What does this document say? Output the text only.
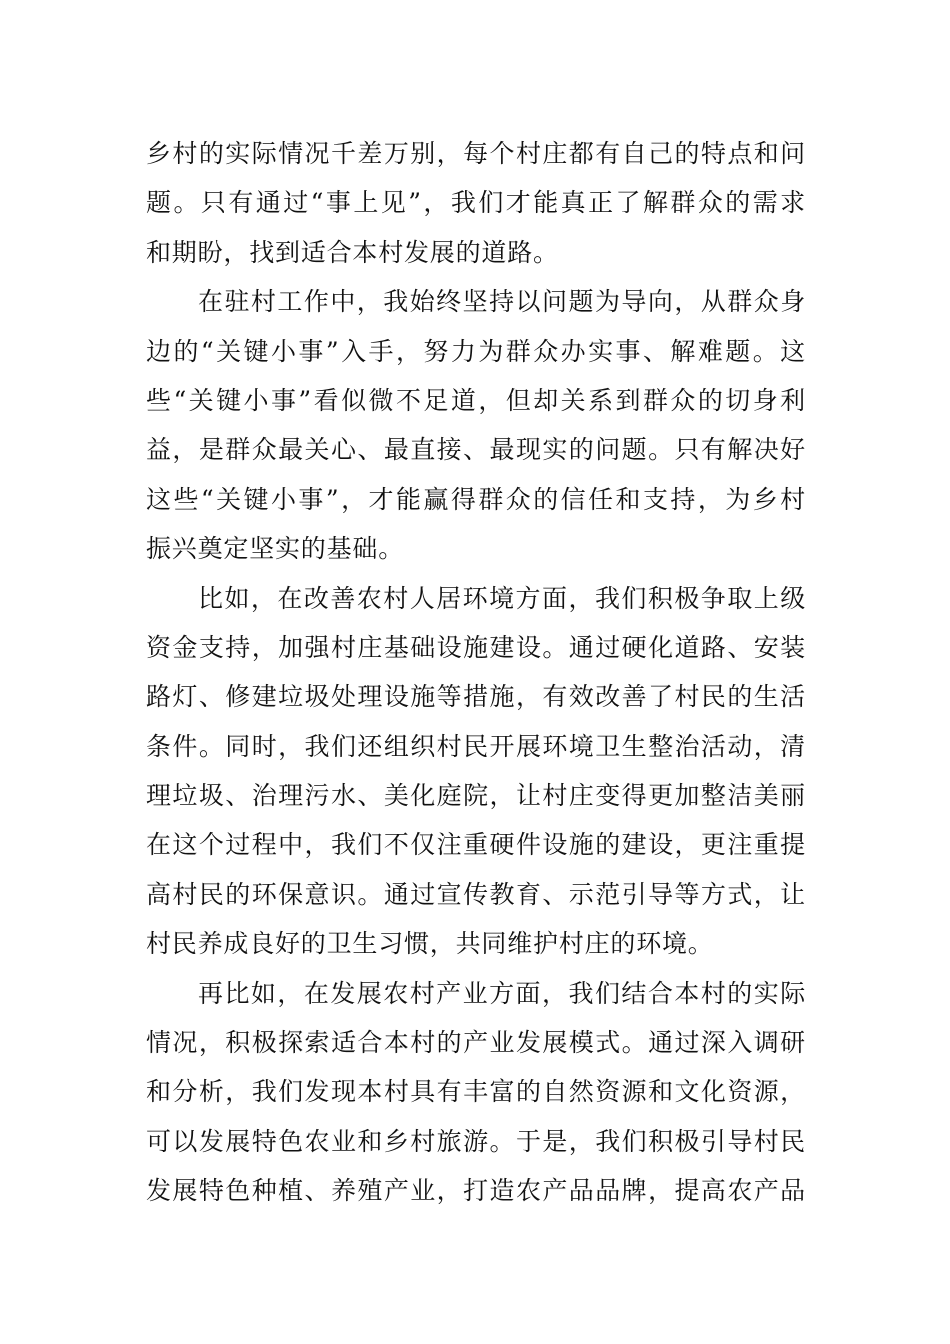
乡村的实际情况千差万别，每个村庄都有自己的特点和问
题。只有通过“事上见”，我们才能真正了解群众的需求
和期盼，找到适合本村发展的道路。
在驻村工作中，我始终坚持以问题为导向，从群众身
边的“关键小事”入手，努力为群众办实事、解难题。这
些“关键小事”看似微不足道，但却关系到群众的切身利
益，是群众最关心、最直接、最现实的问题。只有解决好
这些“关键小事”，才能赢得群众的信任和支持，为乡村
振兴奠定坚实的基础。
比如，在改善农村人居环境方面，我们积极争取上级
资金支持，加强村庄基础设施建设。通过硬化道路、安装
路灯、修建垃圾处理设施等措施，有效改善了村民的生活
条件。同时，我们还组织村民开展环境卫生整治活动，清
理垃圾、治理污水、美化庭院，让村庄变得更加整洁美丽
在这个过程中，我们不仅注重硬件设施的建设，更注重提
高村民的环保意识。通过宣传教育、示范引导等方式，让
村民养成良好的卫生习惯，共同维护村庄的环境。
再比如，在发展农村产业方面，我们结合本村的实际
情况，积极探索适合本村的产业发展模式。通过深入调研
和分析，我们发现本村具有丰富的自然资源和文化资源，
可以发展特色农业和乡村旅游。于是，我们积极引导村民
发展特色种植、养殖产业，打造农产品品牌，提高农产品
